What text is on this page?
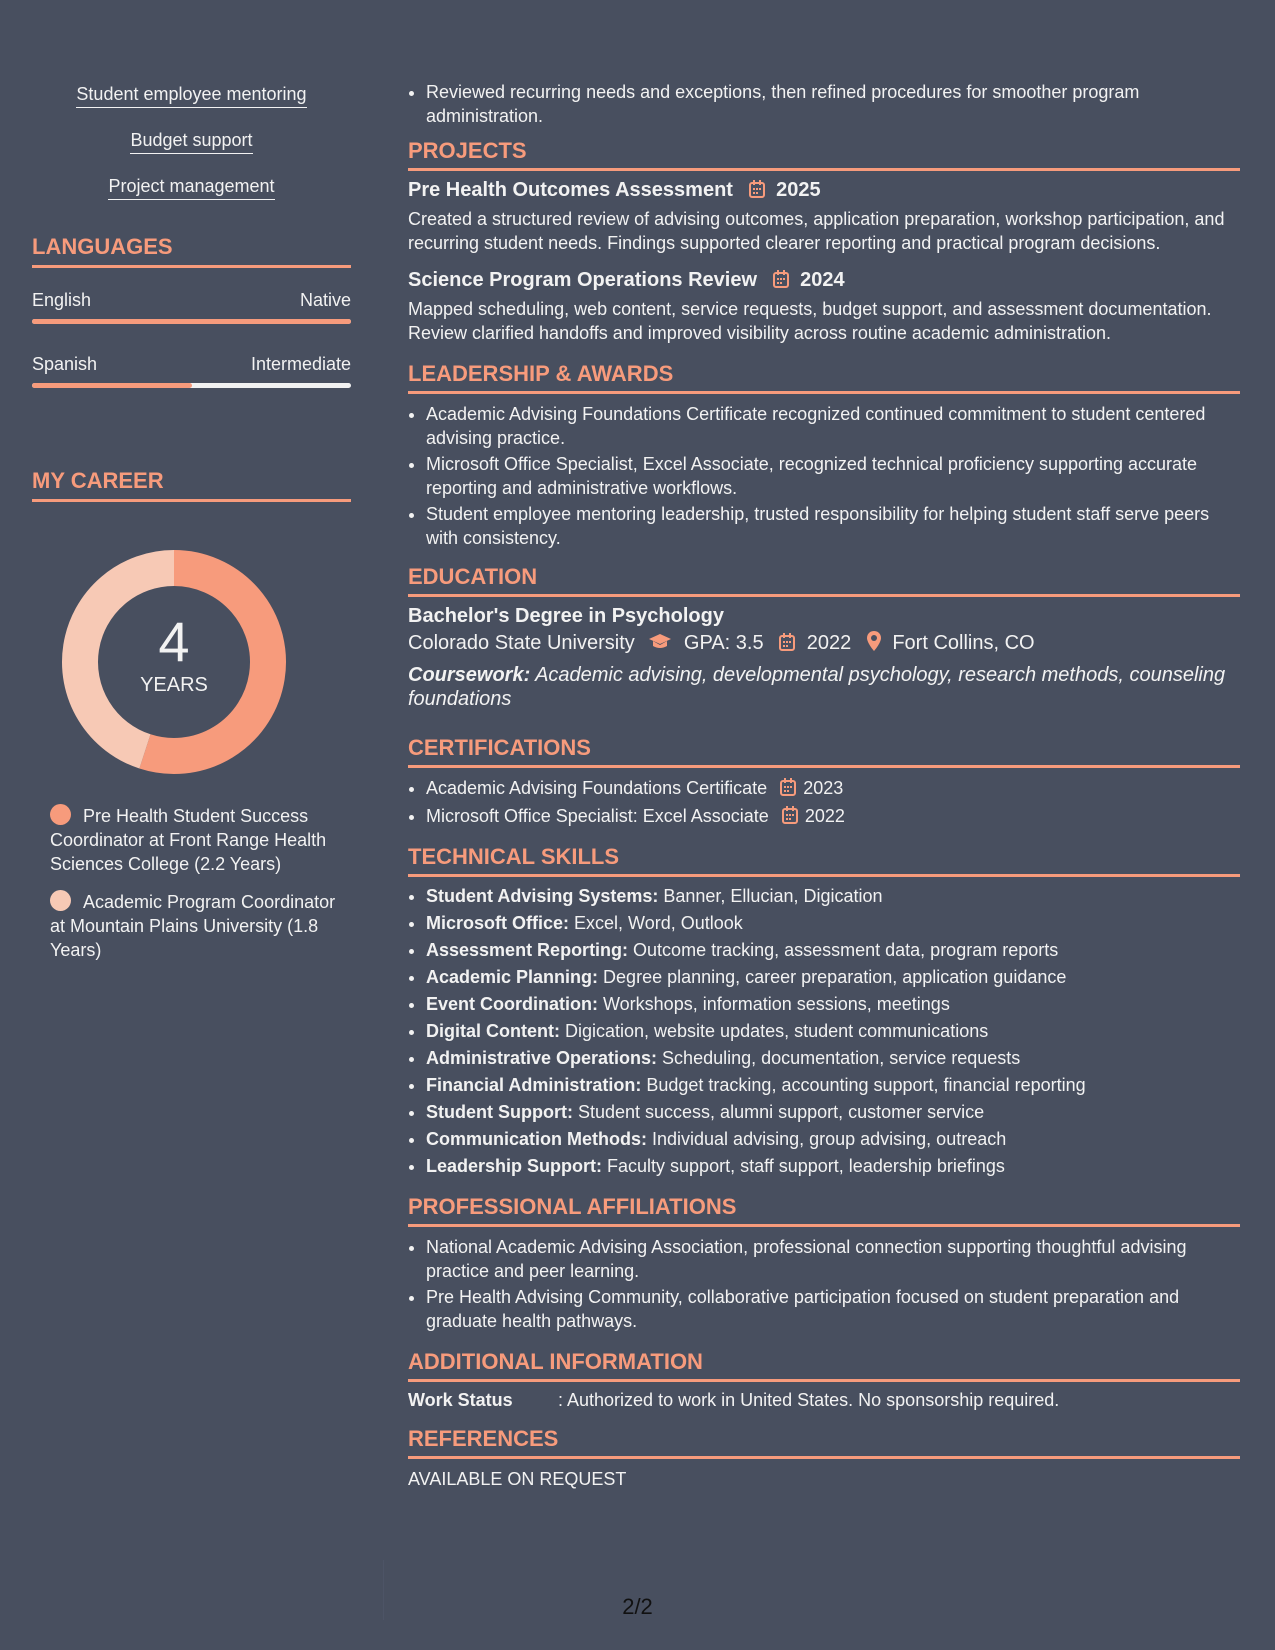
Student employee mentoring
Budget support
Project management
LANGUAGES
English	Native
Spanish	Intermediate
MY CAREER
4
YEARS
Pre Health Student Success Coordinator at Front Range Health Sciences College (2.2 Years)
Academic Program Coordinator at Mountain Plains University (1.8 Years)
• Reviewed recurring needs and exceptions, then refined procedures for smoother program administration.
PROJECTS
Pre Health Outcomes Assessment 2025
Created a structured review of advising outcomes, application preparation, workshop participation, and recurring student needs. Findings supported clearer reporting and practical program decisions.
Science Program Operations Review 2024
Mapped scheduling, web content, service requests, budget support, and assessment documentation. Review clarified handoffs and improved visibility across routine academic administration.
LEADERSHIP & AWARDS
• Academic Advising Foundations Certificate recognized continued commitment to student centered advising practice.
• Microsoft Office Specialist, Excel Associate, recognized technical proficiency supporting accurate reporting and administrative workflows.
• Student employee mentoring leadership, trusted responsibility for helping student staff serve peers with consistency.
EDUCATION
Bachelor's Degree in Psychology
Colorado State University GPA: 3.5 2022 Fort Collins, CO
Coursework: Academic advising, developmental psychology, research methods, counseling foundations
CERTIFICATIONS
• Academic Advising Foundations Certificate 2023
• Microsoft Office Specialist: Excel Associate 2022
TECHNICAL SKILLS
• Student Advising Systems: Banner, Ellucian, Digication
• Microsoft Office: Excel, Word, Outlook
• Assessment Reporting: Outcome tracking, assessment data, program reports
• Academic Planning: Degree planning, career preparation, application guidance
• Event Coordination: Workshops, information sessions, meetings
• Digital Content: Digication, website updates, student communications
• Administrative Operations: Scheduling, documentation, service requests
• Financial Administration: Budget tracking, accounting support, financial reporting
• Student Support: Student success, alumni support, customer service
• Communication Methods: Individual advising, group advising, outreach
• Leadership Support: Faculty support, staff support, leadership briefings
PROFESSIONAL AFFILIATIONS
• National Academic Advising Association, professional connection supporting thoughtful advising practice and peer learning.
• Pre Health Advising Community, collaborative participation focused on student preparation and graduate health pathways.
ADDITIONAL INFORMATION
Work Status	: Authorized to work in United States. No sponsorship required.
REFERENCES
AVAILABLE ON REQUEST
2/2
